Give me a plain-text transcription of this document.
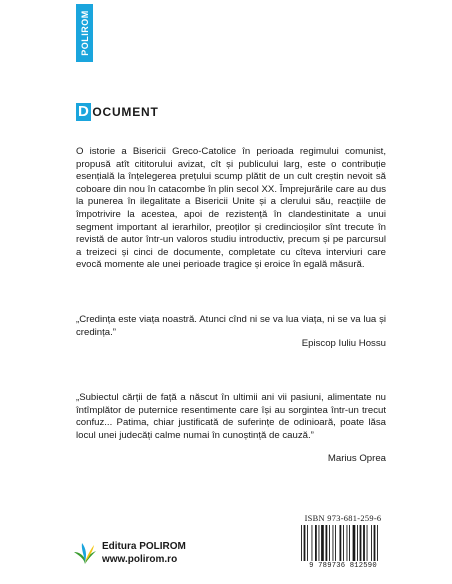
POLIROM
D OCUMENT
O istorie a Bisericii Greco-Catolice în perioada regimului comunist, propusă atît cititorului avizat, cît și publicului larg, este o contribuție esențială la înțelegerea prețului scump plătit de un cult creștin nevoit să coboare din nou în catacombe în plin secol XX. Împrejurările care au dus la punerea în ilegalitate a Bisericii Unite și a clerului său, reacțiile de împotrivire la acestea, apoi de rezistență în clandestinitate a unui segment important al ierarhilor, preoților și credincioșilor sînt trecute în revistă de autor într-un valoros studiu introductiv, precum și pe parcursul a treizeci și cinci de documente, completate cu cîteva interviuri care evocă momente ale unei perioade tragice și eroice în egală măsură.
„Credința este viața noastră. Atunci cînd ni se va lua viața, ni se va lua și credința.”
Episcop Iuliu Hossu
„Subiectul cărții de față a născut în ultimii ani vii pasiuni, alimentate nu întîmplător de puternice resentimente care își au sorgintea într-un trecut confuz... Patima, chiar justificată de suferințe de odinioară, poate lăsa locul unei judecăți calme numai în cunoștință de cauză.”
Marius Oprea
ISBN 973-681-259-6
9 789736 812590
Editura POLIROM
www.polirom.ro
